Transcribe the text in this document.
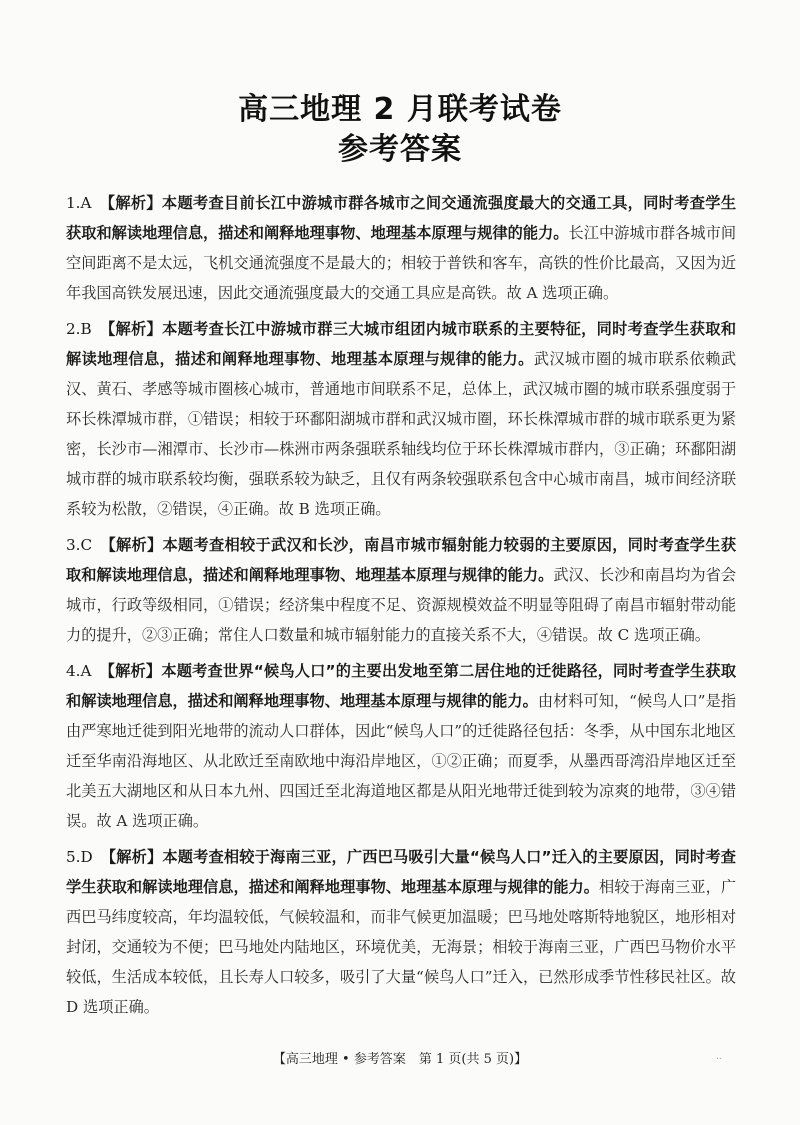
高三地理 2 月联考试卷
参考答案
1.A 【解析】本题考查目前长江中游城市群各城市之间交通流强度最大的交通工具，同时考查学生获取和解读地理信息，描述和阐释地理事物、地理基本原理与规律的能力。长江中游城市群各城市间空间距离不是太远，飞机交通流强度不是最大的；相较于普铁和客车，高铁的性价比最高，又因为近年我国高铁发展迅速，因此交通流强度最大的交通工具应是高铁。故 A 选项正确。
2.B 【解析】本题考查长江中游城市群三大城市组团内城市联系的主要特征，同时考查学生获取和解读地理信息，描述和阐释地理事物、地理基本原理与规律的能力。武汉城市圈的城市联系依赖武汉、黄石、孝感等城市圈核心城市，普通地市间联系不足，总体上，武汉城市圈的城市联系强度弱于环长株潭城市群，①错误；相较于环鄱阳湖城市群和武汉城市圈，环长株潭城市群的城市联系更为紧密，长沙市—湘潭市、长沙市—株洲市两条强联系轴线均位于环长株潭城市群内，③正确；环鄱阳湖城市群的城市联系较均衡，强联系较为缺乏，且仅有两条较强联系包含中心城市南昌，城市间经济联系较为松散，②错误，④正确。故 B 选项正确。
3.C 【解析】本题考查相较于武汉和长沙，南昌市城市辐射能力较弱的主要原因，同时考查学生获取和解读地理信息，描述和阐释地理事物、地理基本原理与规律的能力。武汉、长沙和南昌均为省会城市，行政等级相同，①错误；经济集中程度不足、资源规模效益不明显等阻碍了南昌市辐射带动能力的提升，②③正确；常住人口数量和城市辐射能力的直接关系不大，④错误。故 C 选项正确。
4.A 【解析】本题考查世界“候鸟人口”的主要出发地至第二居住地的迁徙路径，同时考查学生获取和解读地理信息，描述和阐释地理事物、地理基本原理与规律的能力。由材料可知，“候鸟人口”是指由严寒地迁徙到阳光地带的流动人口群体，因此“候鸟人口”的迁徙路径包括：冬季，从中国东北地区迁至华南沿海地区、从北欧迁至南欧地中海沿岸地区，①②正确；而夏季，从墨西哥湾沿岸地区迁至北美五大湖地区和从日本九州、四国迁至北海道地区都是从阳光地带迁徙到较为凉爽的地带，③④错误。故 A 选项正确。
5.D 【解析】本题考查相较于海南三亚，广西巴马吸引大量“候鸟人口”迁入的主要原因，同时考查学生获取和解读地理信息，描述和阐释地理事物、地理基本原理与规律的能力。相较于海南三亚，广西巴马纬度较高，年均温较低，气候较温和，而非气候更加温暖；巴马地处喀斯特地貌区，地形相对封闭，交通较为不便；巴马地处内陆地区，环境优美，无海景；相较于海南三亚，广西巴马物价水平较低，生活成本较低，且长寿人口较多，吸引了大量“候鸟人口”迁入，已然形成季节性移民社区。故 D 选项正确。
【高三地理 • 参考答案　第 1 页(共 5 页)】	..
